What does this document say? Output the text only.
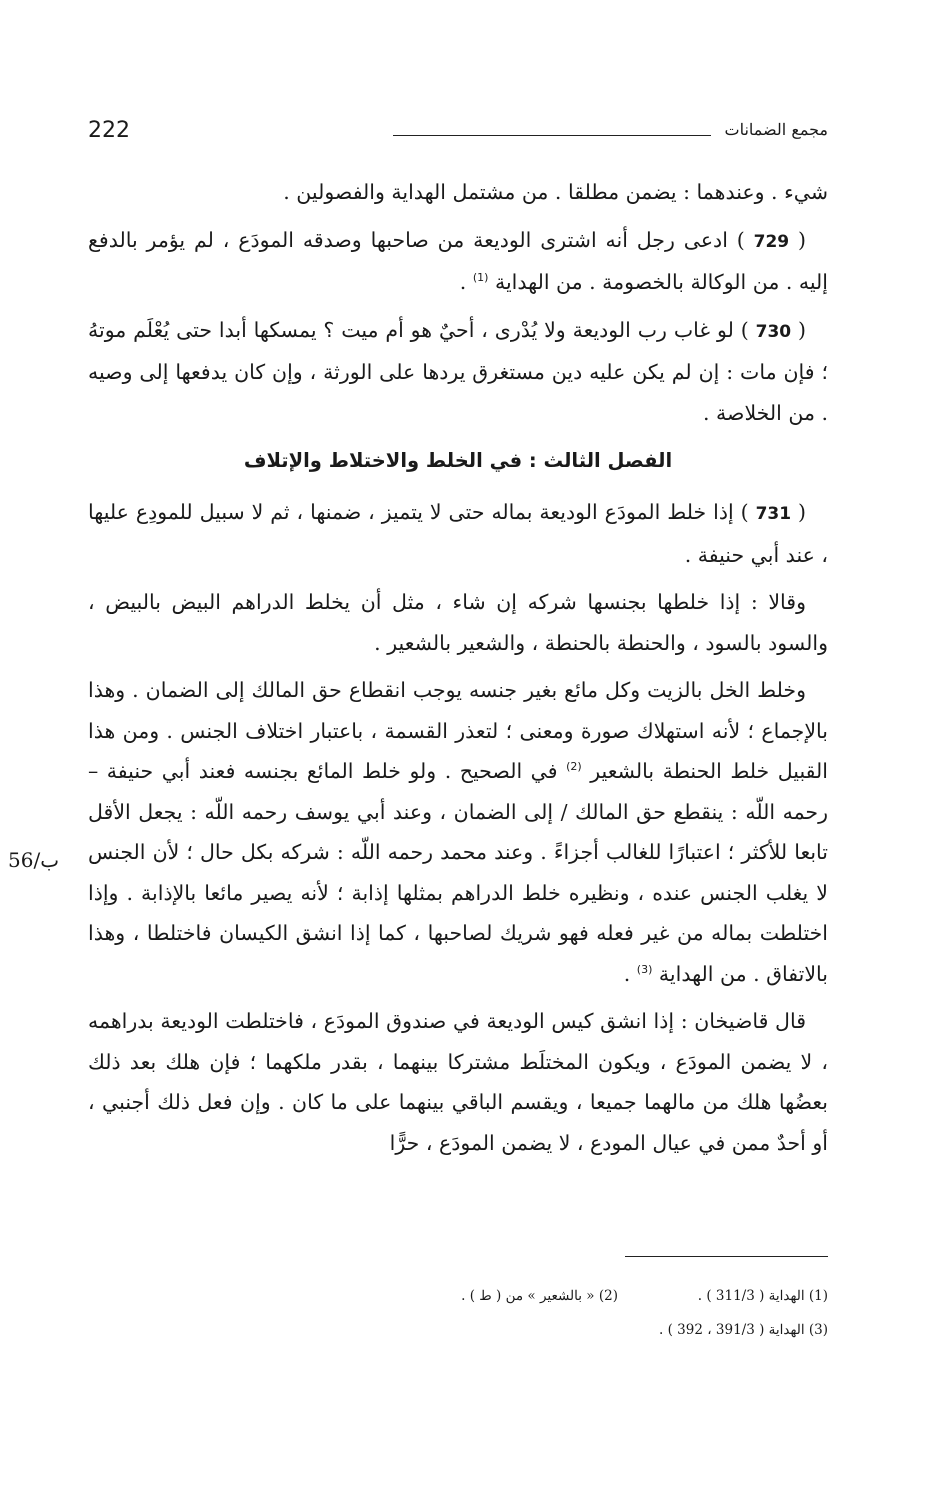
222	مجمع الضمانات

شيء . وعندهما : يضمن مطلقا . من مشتمل الهداية والفصولين .

( 729 ) ادعى رجل أنه اشترى الوديعة من صاحبها وصدقه المودَع ، لم يؤمر بالدفع إليه . من الوكالة بالخصومة . من الهداية $^{(1)}$ .

( 730 ) لو غاب رب الوديعة ولا يُدْرى ، أحيٌ هو أم ميت ؟ يمسكها أبدا حتى يُعْلَم موتهُ ؛ فإن مات : إن لم يكن عليه دين مستغرق يردها على الورثة ، وإن كان يدفعها إلى وصيه . من الخلاصة .

الفصل الثالث : في الخلط والاختلاط والإتلاف

( 731 ) إذا خلط المودَع الوديعة بماله حتى لا يتميز ، ضمنها ، ثم لا سبيل للمودِع عليها ، عند أبي حنيفة .

وقالا : إذا خلطها بجنسها شركه إن شاء ، مثل أن يخلط الدراهم البيض بالبيض ، والسود بالسود ، والحنطة بالحنطة ، والشعير بالشعير .

وخلط الخل بالزيت وكل مائع بغير جنسه يوجب انقطاع حق المالك إلى الضمان . وهذا بالإجماع ؛ لأنه استهلاك صورة ومعنى ؛ لتعذر القسمة ، باعتبار اختلاف الجنس . ومن هذا القبيل خلط الحنطة بالشعير $^{(2)}$ في الصحيح . ولو خلط المائع بجنسه فعند أبي حنيفة – رحمه اللّه : ينقطع حق المالك / إلى الضمان ، وعند أبي يوسف رحمه اللّه : يجعل الأقل تابعا للأكثر ؛ اعتبارًا للغالب أجزاءً . وعند محمد رحمه اللّه : شركه بكل حال ؛ لأن الجنس لا يغلب الجنس عنده ، ونظيره خلط الدراهم بمثلها إذابة ؛ لأنه يصير مائعا بالإذابة . وإذا اختلطت بماله من غير فعله فهو شريك لصاحبها ، كما إذا انشق الكيسان فاختلطا ، وهذا بالاتفاق . من الهداية $^{(3)}$ .

قال قاضيخان : إذا انشق كيس الوديعة في صندوق المودَع ، فاختلطت الوديعة بدراهمه ، لا يضمن المودَع ، ويكون المختلَط مشتركا بينهما ، بقدر ملكهما ؛ فإن هلك بعد ذلك بعضُها هلك من مالهما جميعا ، ويقسم الباقي بينهما على ما كان . وإن فعل ذلك أجنبي ، أو أحدٌ ممن في عيال المودع ، لا يضمن المودَع ، حرًّا

56/ب
(1) الهداية ( 311/3 ) .
(2) « بالشعير » من ( ط ) .
(3) الهداية ( 391/3 ، 392 ) .
